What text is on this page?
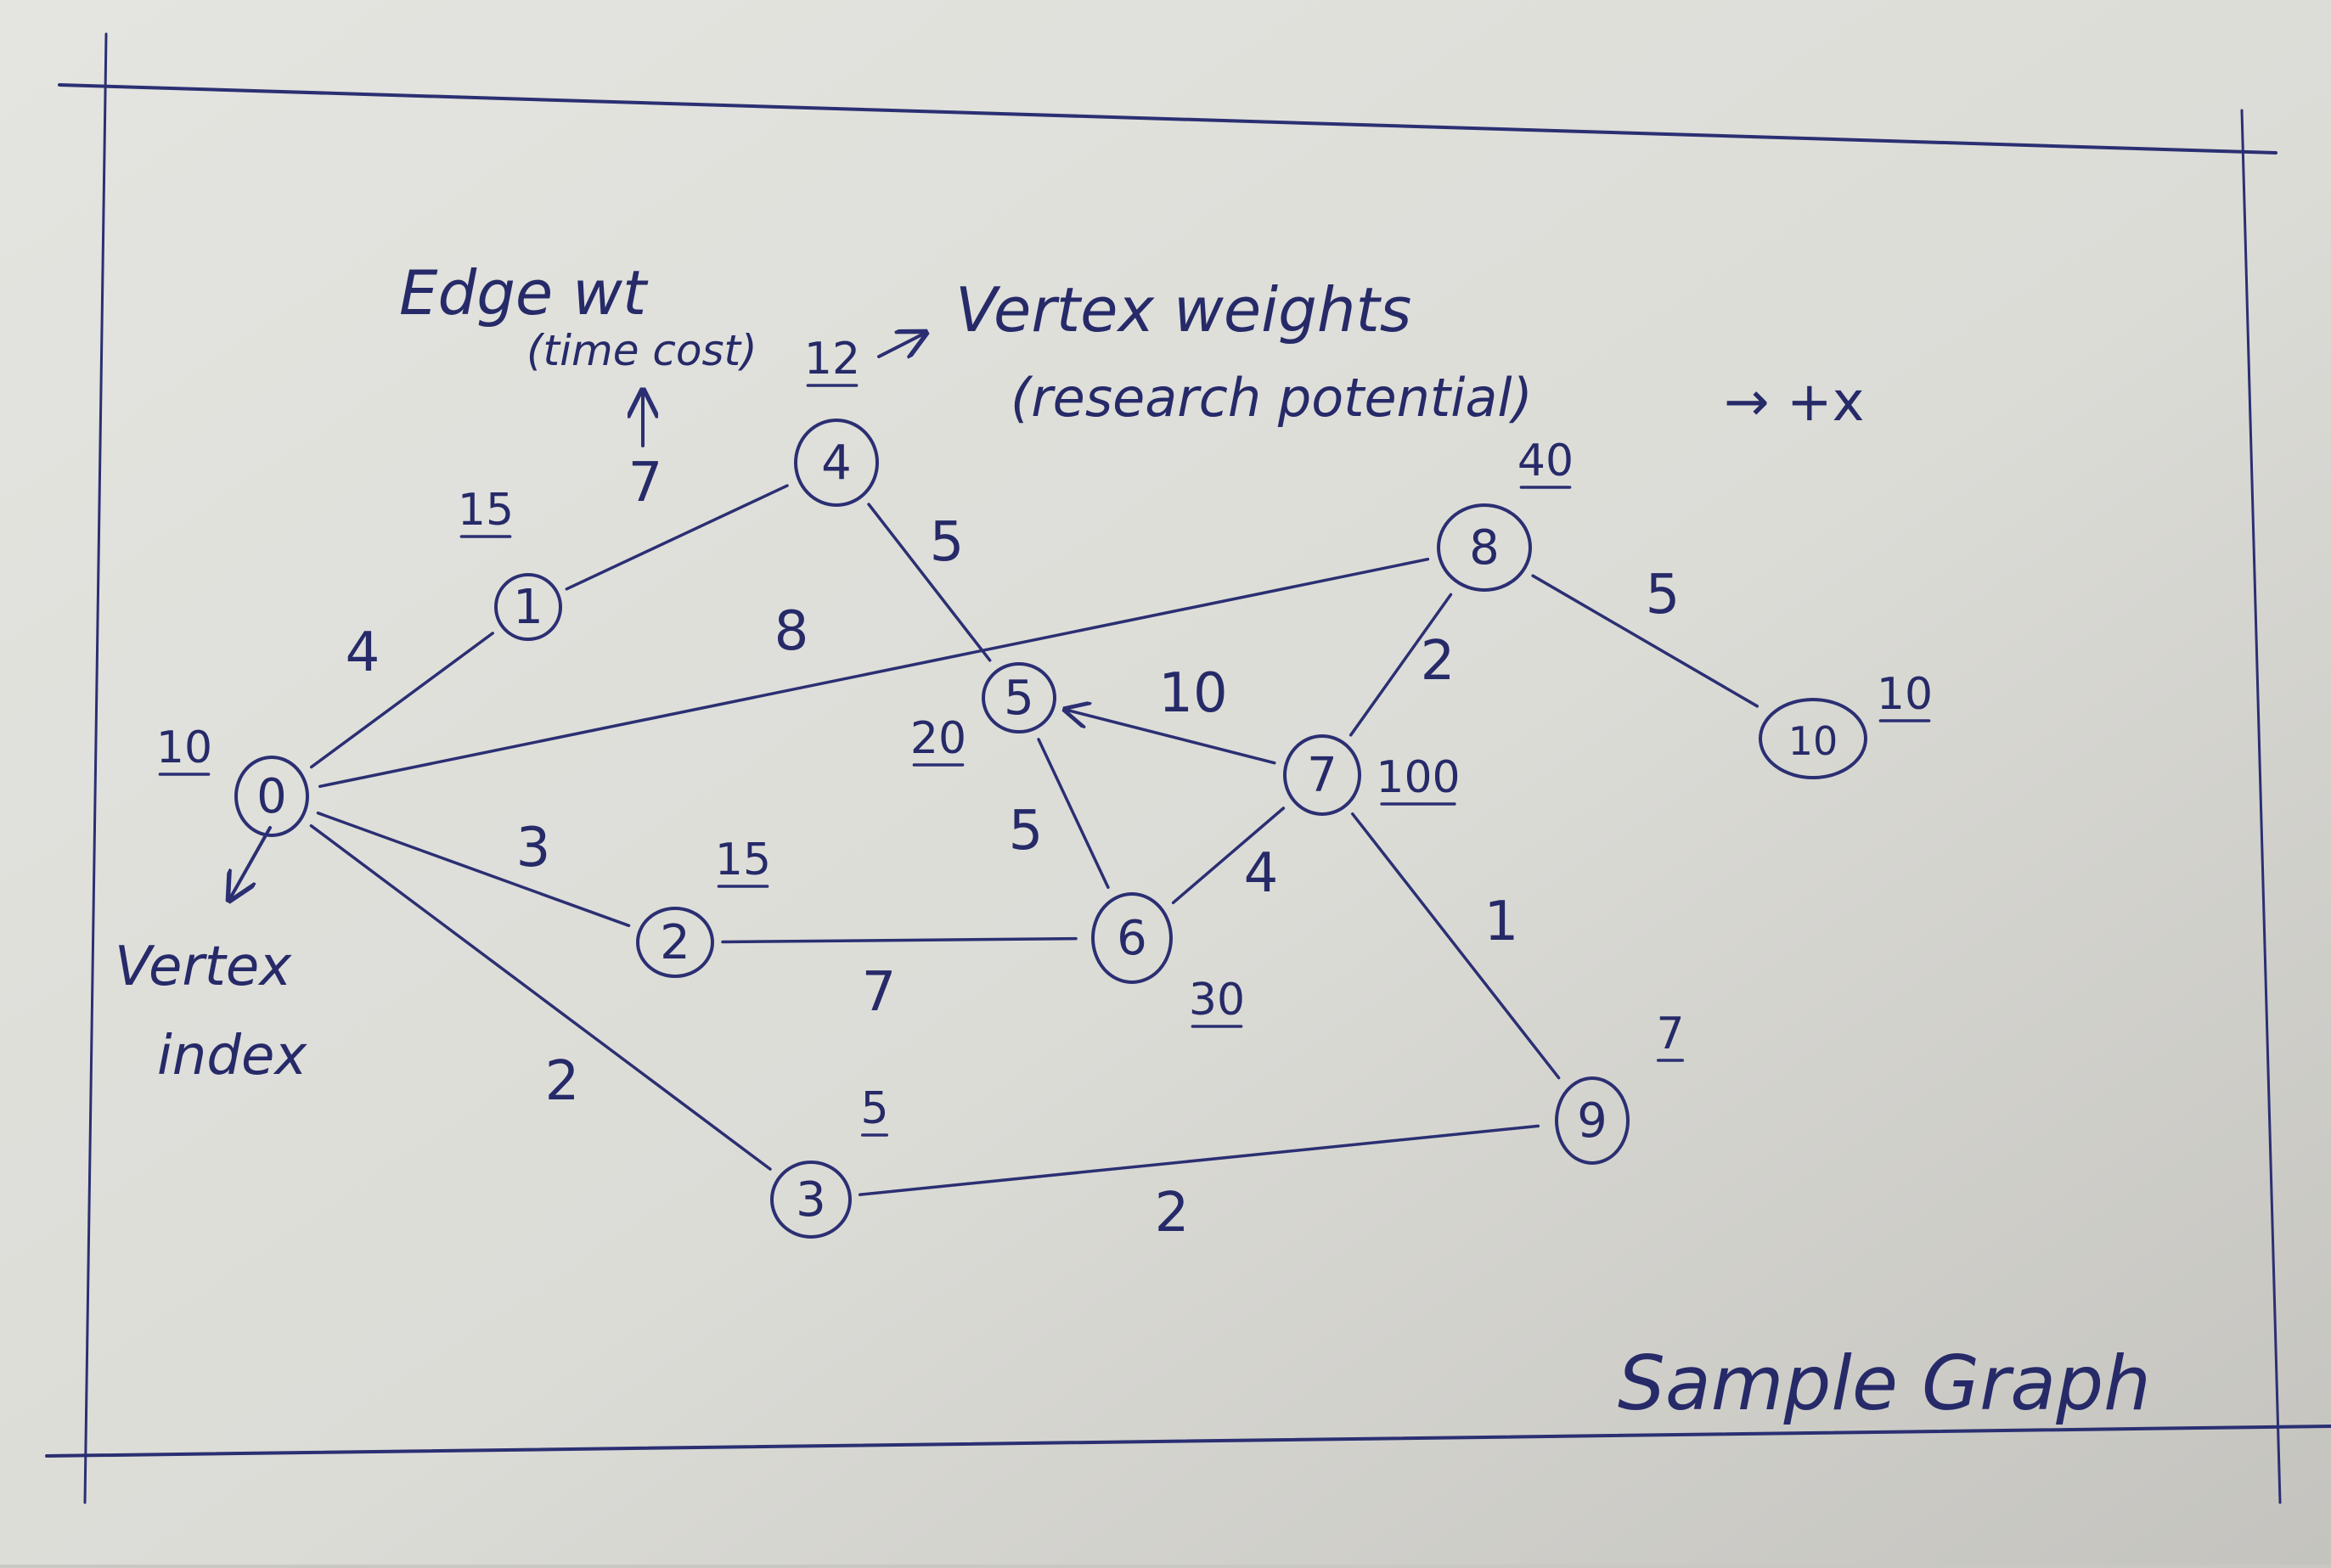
4
7
8
3
2
5
5
10
7
4
2
5
1
2
0
10
1
15
2
15
3
5
4
12
5
20
6
30
7 100
8
40
9
7
10
10
Edge wt
(time cost)
Vertex weights
(research potential)	→ +x
Vertex
index
Sample Graph
